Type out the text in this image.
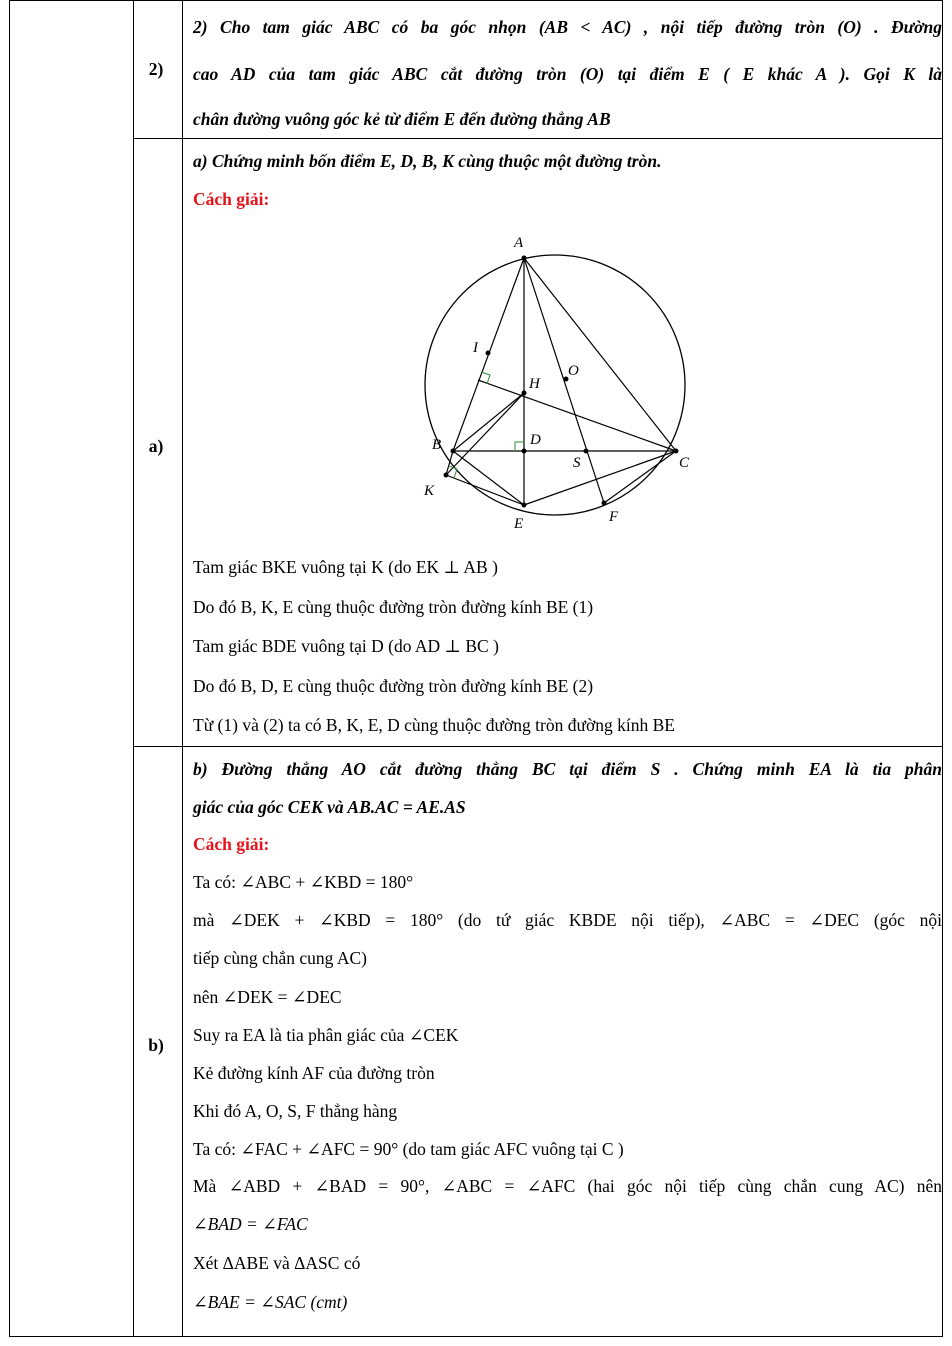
2)
2) Cho tam giác ABC có ba góc nhọn (AB < AC) , nội tiếp đường tròn (O) . Đường
cao AD của tam giác ABC cắt đường tròn (O) tại điểm E ( E khác A ). Gọi K là
chân đường vuông góc kẻ từ điểm E đến đường thẳng AB
a)
a) Chứng minh bốn điểm E, D, B, K cùng thuộc một đường tròn.
Cách giải:
A
I
O
H
B	D
S	C
K
E	F
Tam giác BKE vuông tại K (do EK ⊥ AB )
Do đó B, K, E cùng thuộc đường tròn đường kính BE (1)
Tam giác BDE vuông tại D (do AD ⊥ BC )
Do đó B, D, E cùng thuộc đường tròn đường kính BE (2)
Từ (1) và (2) ta có B, K, E, D cùng thuộc đường tròn đường kính BE
b)
b) Đường thẳng AO cắt đường thẳng BC tại điểm S . Chứng minh EA là tia phân
giác của góc CEK và AB.AC = AE.AS
Cách giải:
Ta có: ∠ABC + ∠KBD = 180°
mà ∠DEK + ∠KBD = 180° (do tứ giác KBDE nội tiếp), ∠ABC = ∠DEC (góc nội
tiếp cùng chắn cung AC)
nên ∠DEK = ∠DEC
Suy ra EA là tia phân giác của ∠CEK
Kẻ đường kính AF của đường tròn
Khi đó A, O, S, F thẳng hàng
Ta có: ∠FAC + ∠AFC = 90° (do tam giác AFC vuông tại C )
Mà ∠ABD + ∠BAD = 90°, ∠ABC = ∠AFC (hai góc nội tiếp cùng chắn cung AC) nên
∠BAD = ∠FAC
Xét ΔABE và ΔASC có
∠BAE = ∠SAC (cmt)
